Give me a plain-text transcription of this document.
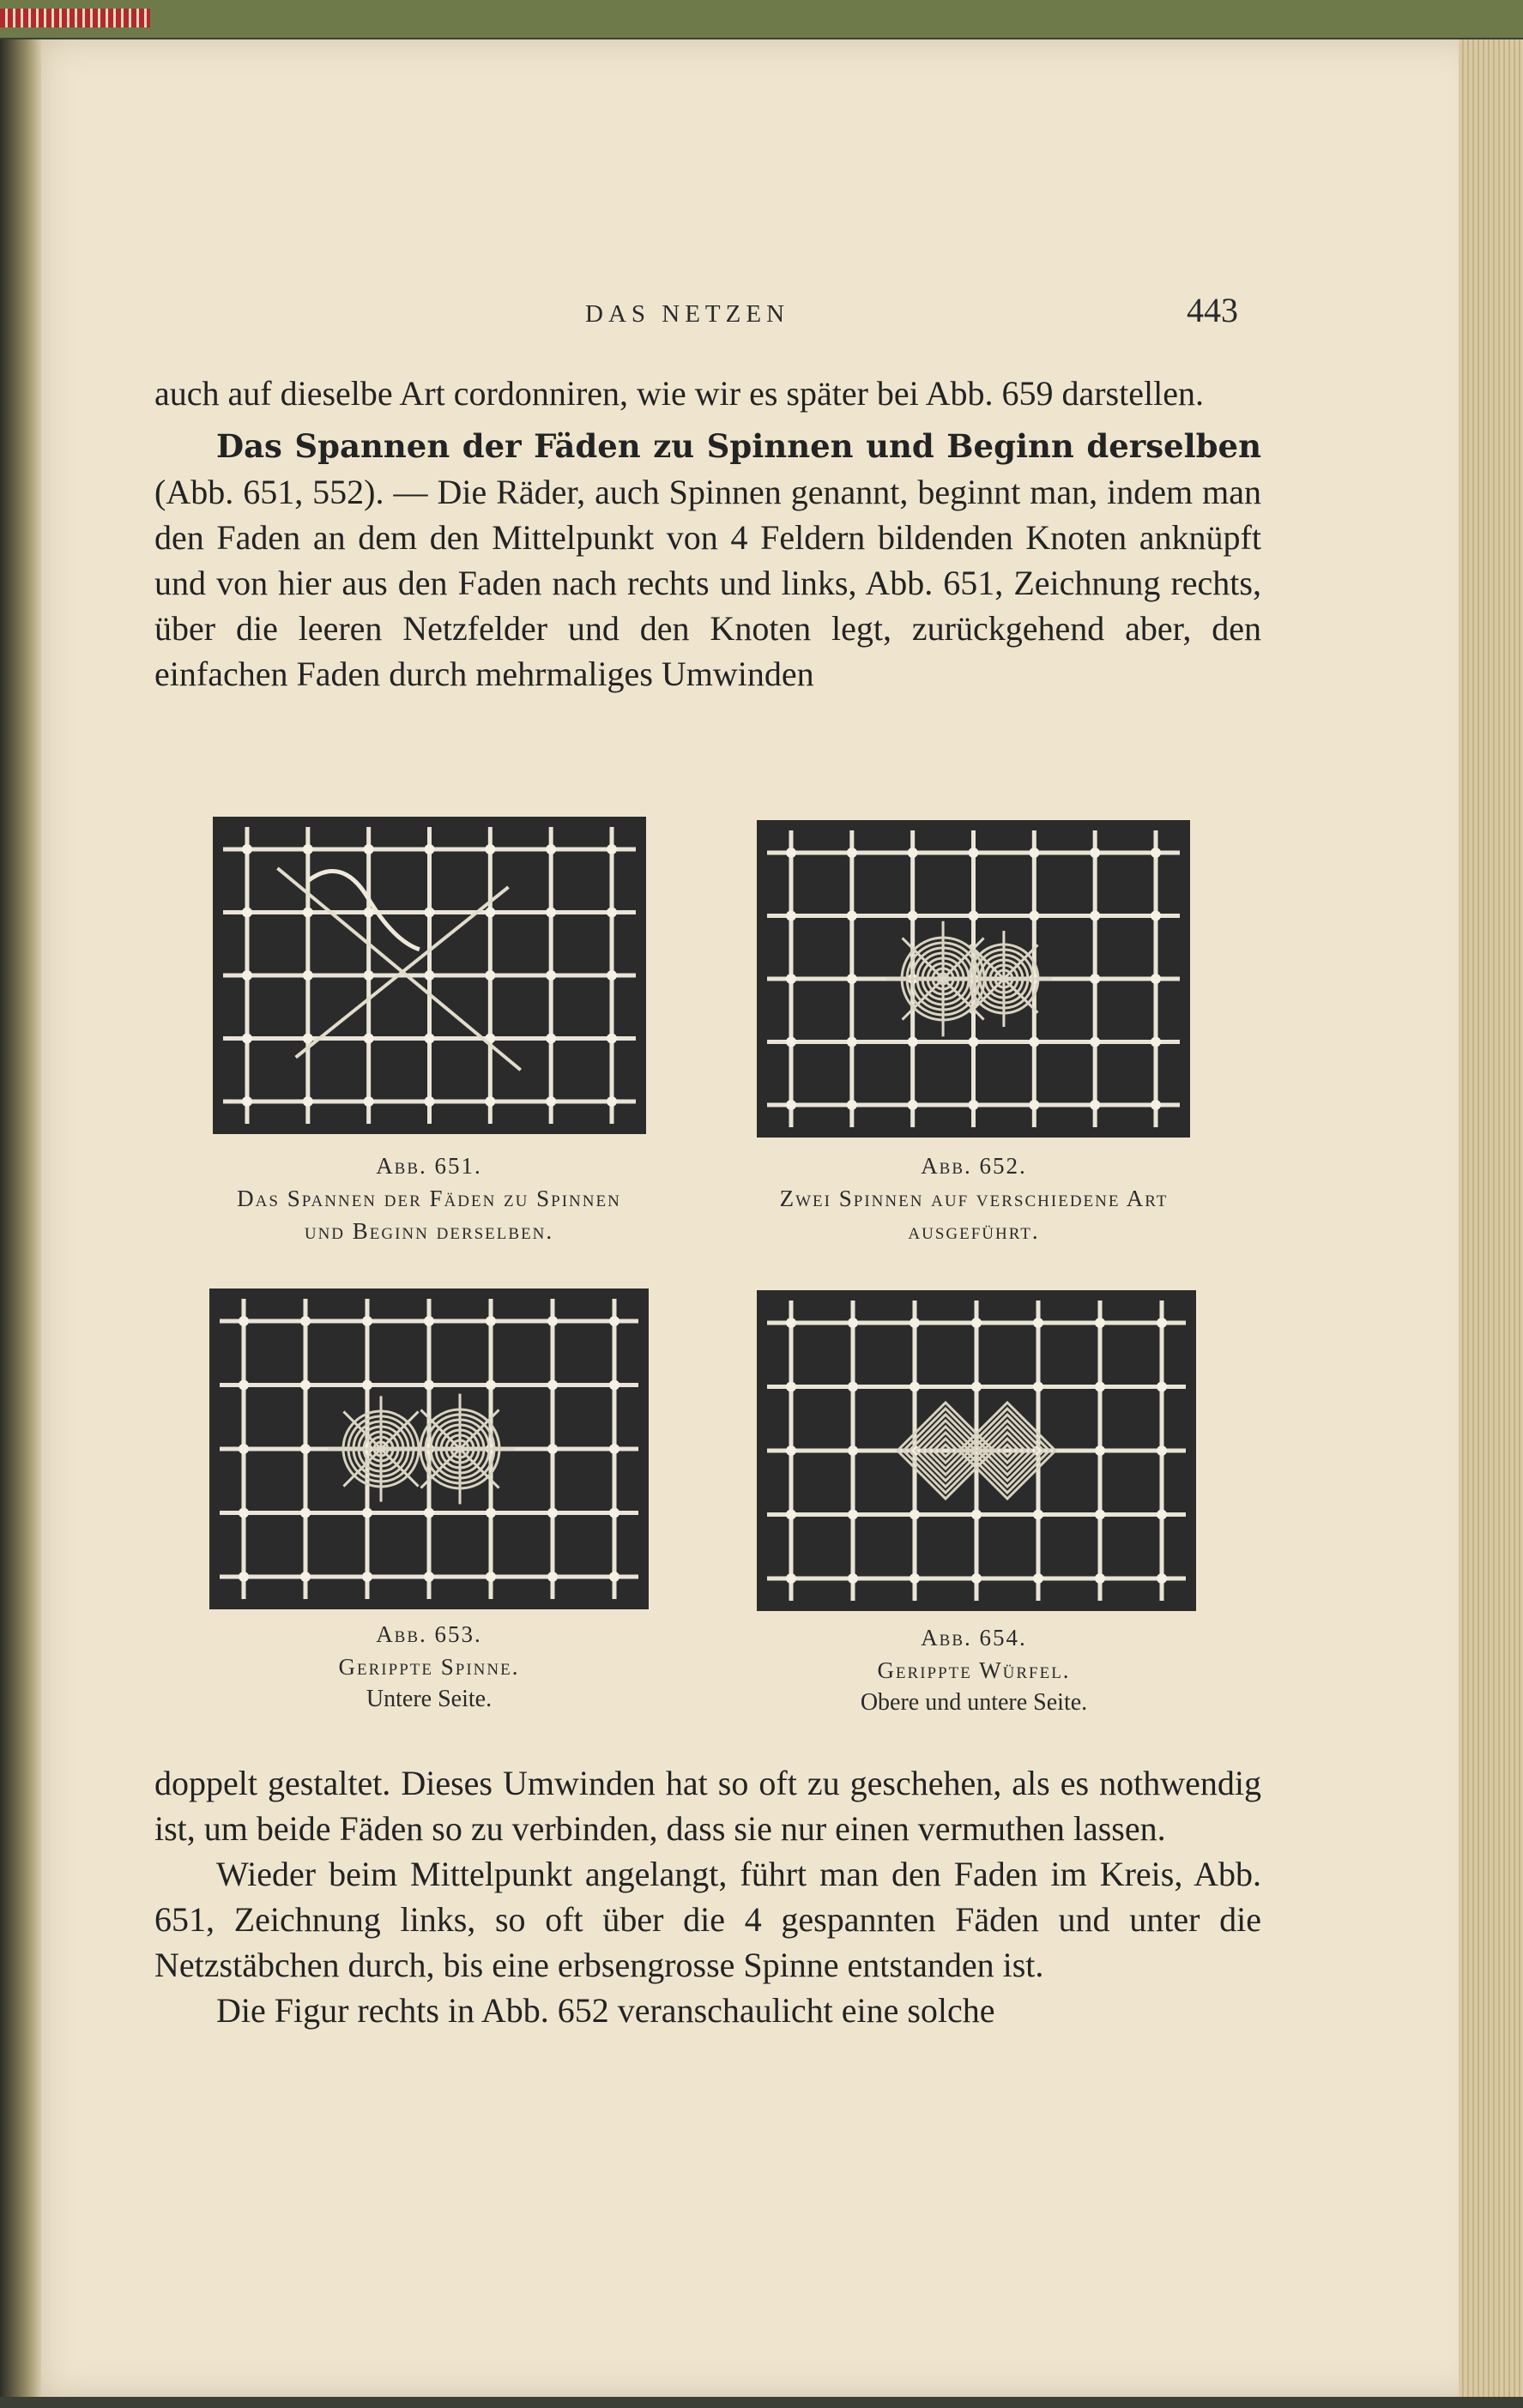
DAS NETZEN	443

auch auf dieselbe Art cordonniren, wie wir es später bei Abb. 659 darstellen.

Das Spannen der Fäden zu Spinnen und Beginn derselben (Abb. 651, 552). — Die Räder, auch Spinnen genannt, beginnt man, indem man den Faden an dem den Mittelpunkt von 4 Feldern bildenden Knoten anknüpft und von hier aus den Faden nach rechts und links, Abb. 651, Zeichnung rechts, über die leeren Netzfelder und den Knoten legt, zurückgehend aber, den einfachen Faden durch mehrmaliges Umwinden

Abb. 651.
Das Spannen der Fäden zu Spinnen
und Beginn derselben.
Abb. 652.
Zwei Spinnen auf verschiedene Art
ausgeführt.
Abb. 653.
Gerippte Spinne.
Untere Seite.
Abb. 654.
Gerippte Würfel.
Obere und untere Seite.

doppelt gestaltet. Dieses Umwinden hat so oft zu geschehen, als es nothwendig ist, um beide Fäden so zu verbinden, dass sie nur einen vermuthen lassen.

Wieder beim Mittelpunkt angelangt, führt man den Faden im Kreis, Abb. 651, Zeichnung links, so oft über die 4 gespannten Fäden und unter die Netzstäbchen durch, bis eine erbsengrosse Spinne entstanden ist.

Die Figur rechts in Abb. 652 veranschaulicht eine solche
